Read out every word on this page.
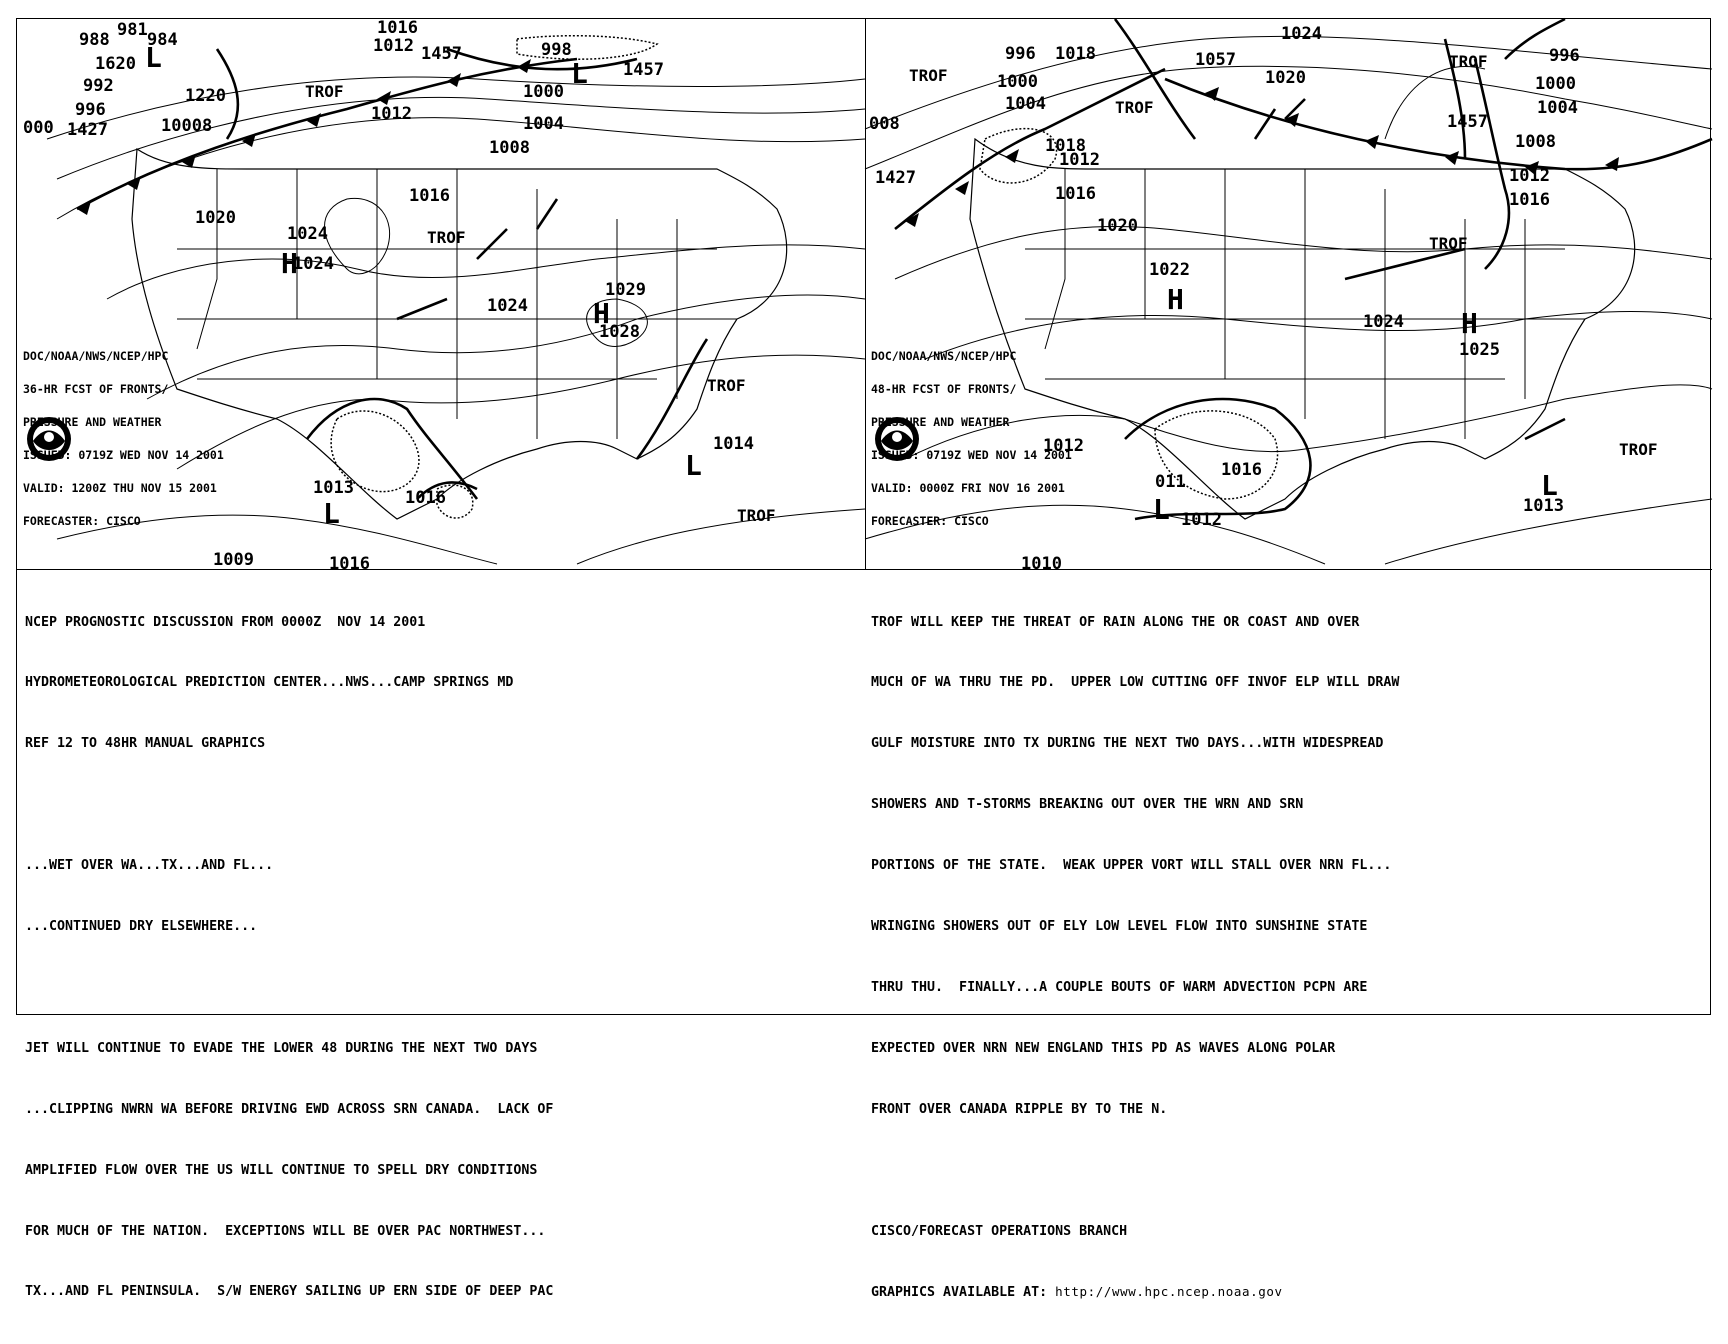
988 981 984
1620
992	1220
996
000 1427	10008
1016
1012 1457
1012
998
1457
1000
1004
1008
1016
1020
1024
1024
1024
1029
1028
1013	1016
1014
1009	1016
L	L
H
H
L
L
TROF
TROF
TROF
TROF

DOC/NOAA/NWS/NCEP/HPC

36-HR FCST OF FRONTS/

PRESSURE AND WEATHER

ISSUED: 0719Z WED NOV 14 2001

VALID: 1200Z THU NOV 15 2001

FORECASTER: CISCO

996 1018	1057
1024
996
1000	1020	1000
1004
008
1004
1018	1008
1012
1457
1427
1016
1012
1016
1020
1022
1024
1025
1012
1016
011
1012
1013
1010
H
H
L
L
TROF
TROF
TROF
TROF
TROF

DOC/NOAA/NWS/NCEP/HPC

48-HR FCST OF FRONTS/

PRESSURE AND WEATHER

ISSUED: 0719Z WED NOV 14 2001

VALID: 0000Z FRI NOV 16 2001

FORECASTER: CISCO

NCEP PROGNOSTIC DISCUSSION FROM 0000Z  NOV 14 2001

HYDROMETEOROLOGICAL PREDICTION CENTER...NWS...CAMP SPRINGS MD

REF 12 TO 48HR MANUAL GRAPHICS

...WET OVER WA...TX...AND FL...

...CONTINUED DRY ELSEWHERE...

JET WILL CONTINUE TO EVADE THE LOWER 48 DURING THE NEXT TWO DAYS

...CLIPPING NWRN WA BEFORE DRIVING EWD ACROSS SRN CANADA.  LACK OF

AMPLIFIED FLOW OVER THE US WILL CONTINUE TO SPELL DRY CONDITIONS

FOR MUCH OF THE NATION.  EXCEPTIONS WILL BE OVER PAC NORTHWEST...

TX...AND FL PENINSULA.  S/W ENERGY SAILING UP ERN SIDE OF DEEP PAC

TROF WILL KEEP THE THREAT OF RAIN ALONG THE OR COAST AND OVER

MUCH OF WA THRU THE PD.  UPPER LOW CUTTING OFF INVOF ELP WILL DRAW

GULF MOISTURE INTO TX DURING THE NEXT TWO DAYS...WITH WIDESPREAD

SHOWERS AND T-STORMS BREAKING OUT OVER THE WRN AND SRN

PORTIONS OF THE STATE.  WEAK UPPER VORT WILL STALL OVER NRN FL...

WRINGING SHOWERS OUT OF ELY LOW LEVEL FLOW INTO SUNSHINE STATE

THRU THU.  FINALLY...A COUPLE BOUTS OF WARM ADVECTION PCPN ARE

EXPECTED OVER NRN NEW ENGLAND THIS PD AS WAVES ALONG POLAR

FRONT OVER CANADA RIPPLE BY TO THE N.

CISCO/FORECAST OPERATIONS BRANCH

GRAPHICS AVAILABLE AT: http://www.hpc.ncep.noaa.gov
